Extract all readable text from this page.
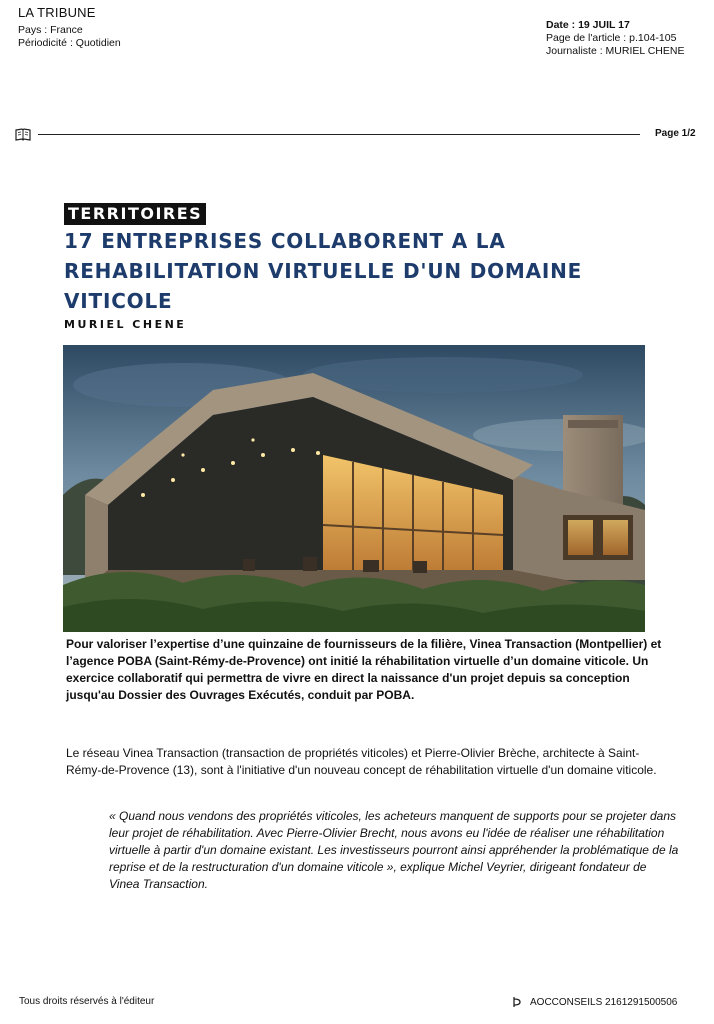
LA TRIBUNE
Pays : France
Périodicité : Quotidien
Date : 19 JUIL 17
Page de l'article : p.104-105
Journaliste : MURIEL CHENE
Page 1/2
TERRITOIRES
17 ENTREPRISES COLLABORENT A LA REHABILITATION VIRTUELLE D'UN DOMAINE VITICOLE
MURIEL CHENE

Pour valoriser l’expertise d’une quinzaine de fournisseurs de la filière, Vinea Transaction (Montpellier) et l’agence POBA (Saint-Rémy-de-Provence) ont initié la réhabilitation virtuelle d’un domaine viticole. Un exercice collaboratif qui permettra de vivre en direct la naissance d'un projet depuis sa conception jusqu'au Dossier des Ouvrages Exécutés, conduit par POBA.

Le réseau Vinea Transaction (transaction de propriétés viticoles) et Pierre-Olivier Brèche, architecte à Saint-Rémy-de-Provence (13), sont à l'initiative d'un nouveau concept de réhabilitation virtuelle d'un domaine viticole.

« Quand nous vendons des propriétés viticoles, les acheteurs manquent de supports pour se projeter dans leur projet de réhabilitation. Avec Pierre-Olivier Brecht, nous avons eu l'idée de réaliser une réhabilitation virtuelle à partir d'un domaine existant. Les investisseurs pourront ainsi appréhender la problématique de la reprise et de la restructuration d'un domaine viticole », explique Michel Veyrier, dirigeant fondateur de Vinea Transaction.

Tous droits réservés à l'éditeur	AOCCONSEILS 2161291500506
